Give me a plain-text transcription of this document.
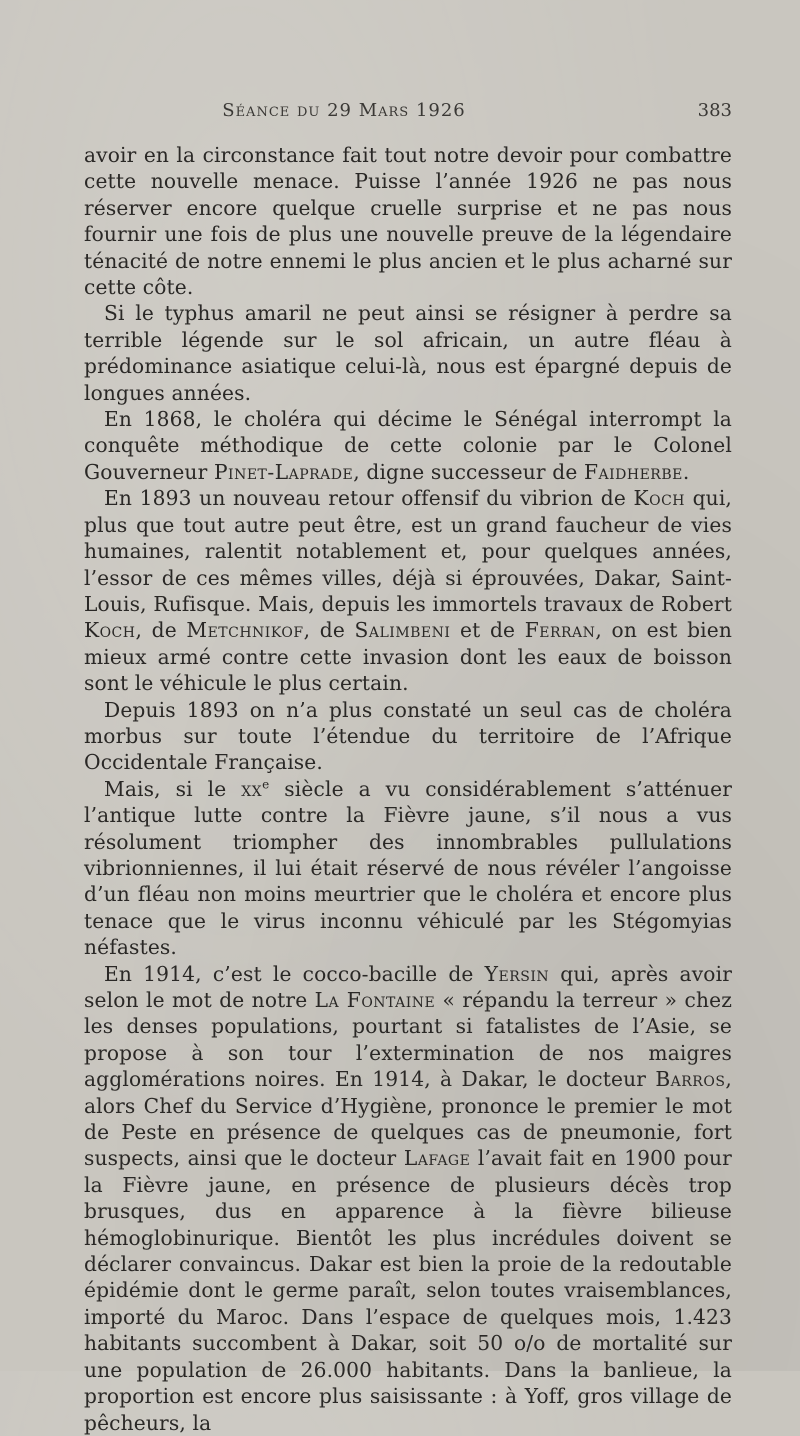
Séance du 29 Mars 1926	383

avoir en la circonstance fait tout notre devoir pour combattre cette nouvelle menace. Puisse l’année 1926 ne pas nous réserver encore quelque cruelle surprise et ne pas nous fournir une fois de plus une nouvelle preuve de la légendaire ténacité de notre ennemi le plus ancien et le plus acharné sur cette côte.

Si le typhus amaril ne peut ainsi se résigner à perdre sa terrible légende sur le sol africain, un autre fléau à prédominance asiatique celui-là, nous est épargné depuis de longues années.

En 1868, le choléra qui décime le Sénégal interrompt la conquête méthodique de cette colonie par le Colonel Gouverneur Pinet-Laprade, digne successeur de Faidherbe.

En 1893 un nouveau retour offensif du vibrion de Koch qui, plus que tout autre peut être, est un grand faucheur de vies humaines, ralentit notablement et, pour quelques années, l’essor de ces mêmes villes, déjà si éprouvées, Dakar, Saint-Louis, Rufisque. Mais, depuis les immortels travaux de Robert Koch, de Metchnikof, de Salimbeni et de Ferran, on est bien mieux armé contre cette invasion dont les eaux de boisson sont le véhicule le plus certain.

Depuis 1893 on n’a plus constaté un seul cas de choléra morbus sur toute l’étendue du territoire de l’Afrique Occidentale Française.

Mais, si le $xx^e$ siècle a vu considérablement s’atténuer l’antique lutte contre la Fièvre jaune, s’il nous a vus résolument triompher des innombrables pullulations vibrionniennes, il lui était réservé de nous révéler l’angoisse d’un fléau non moins meurtrier que le choléra et encore plus tenace que le virus inconnu véhiculé par les Stégomyias néfastes.

En 1914, c’est le cocco-bacille de Yersin qui, après avoir selon le mot de notre La Fontaine « répandu la terreur » chez les denses populations, pourtant si fatalistes de l’Asie, se propose à son tour l’extermination de nos maigres agglomérations noires. En 1914, à Dakar, le docteur Barros, alors Chef du Service d’Hygiène, prononce le premier le mot de Peste en présence de quelques cas de pneumonie, fort suspects, ainsi que le docteur Lafage l’avait fait en 1900 pour la Fièvre jaune, en présence de plusieurs décès trop brusques, dus en apparence à la fièvre bilieuse hémoglobinurique. Bientôt les plus incrédules doivent se déclarer convaincus. Dakar est bien la proie de la redoutable épidémie dont le germe paraît, selon toutes vraisemblances, importé du Maroc. Dans l’espace de quelques mois, 1.423 habitants succombent à Dakar, soit 50 o/o de mortalité sur une population de 26.000 habitants. Dans la banlieue, la proportion est encore plus saisissante : à Yoff, gros village de pêcheurs, la
